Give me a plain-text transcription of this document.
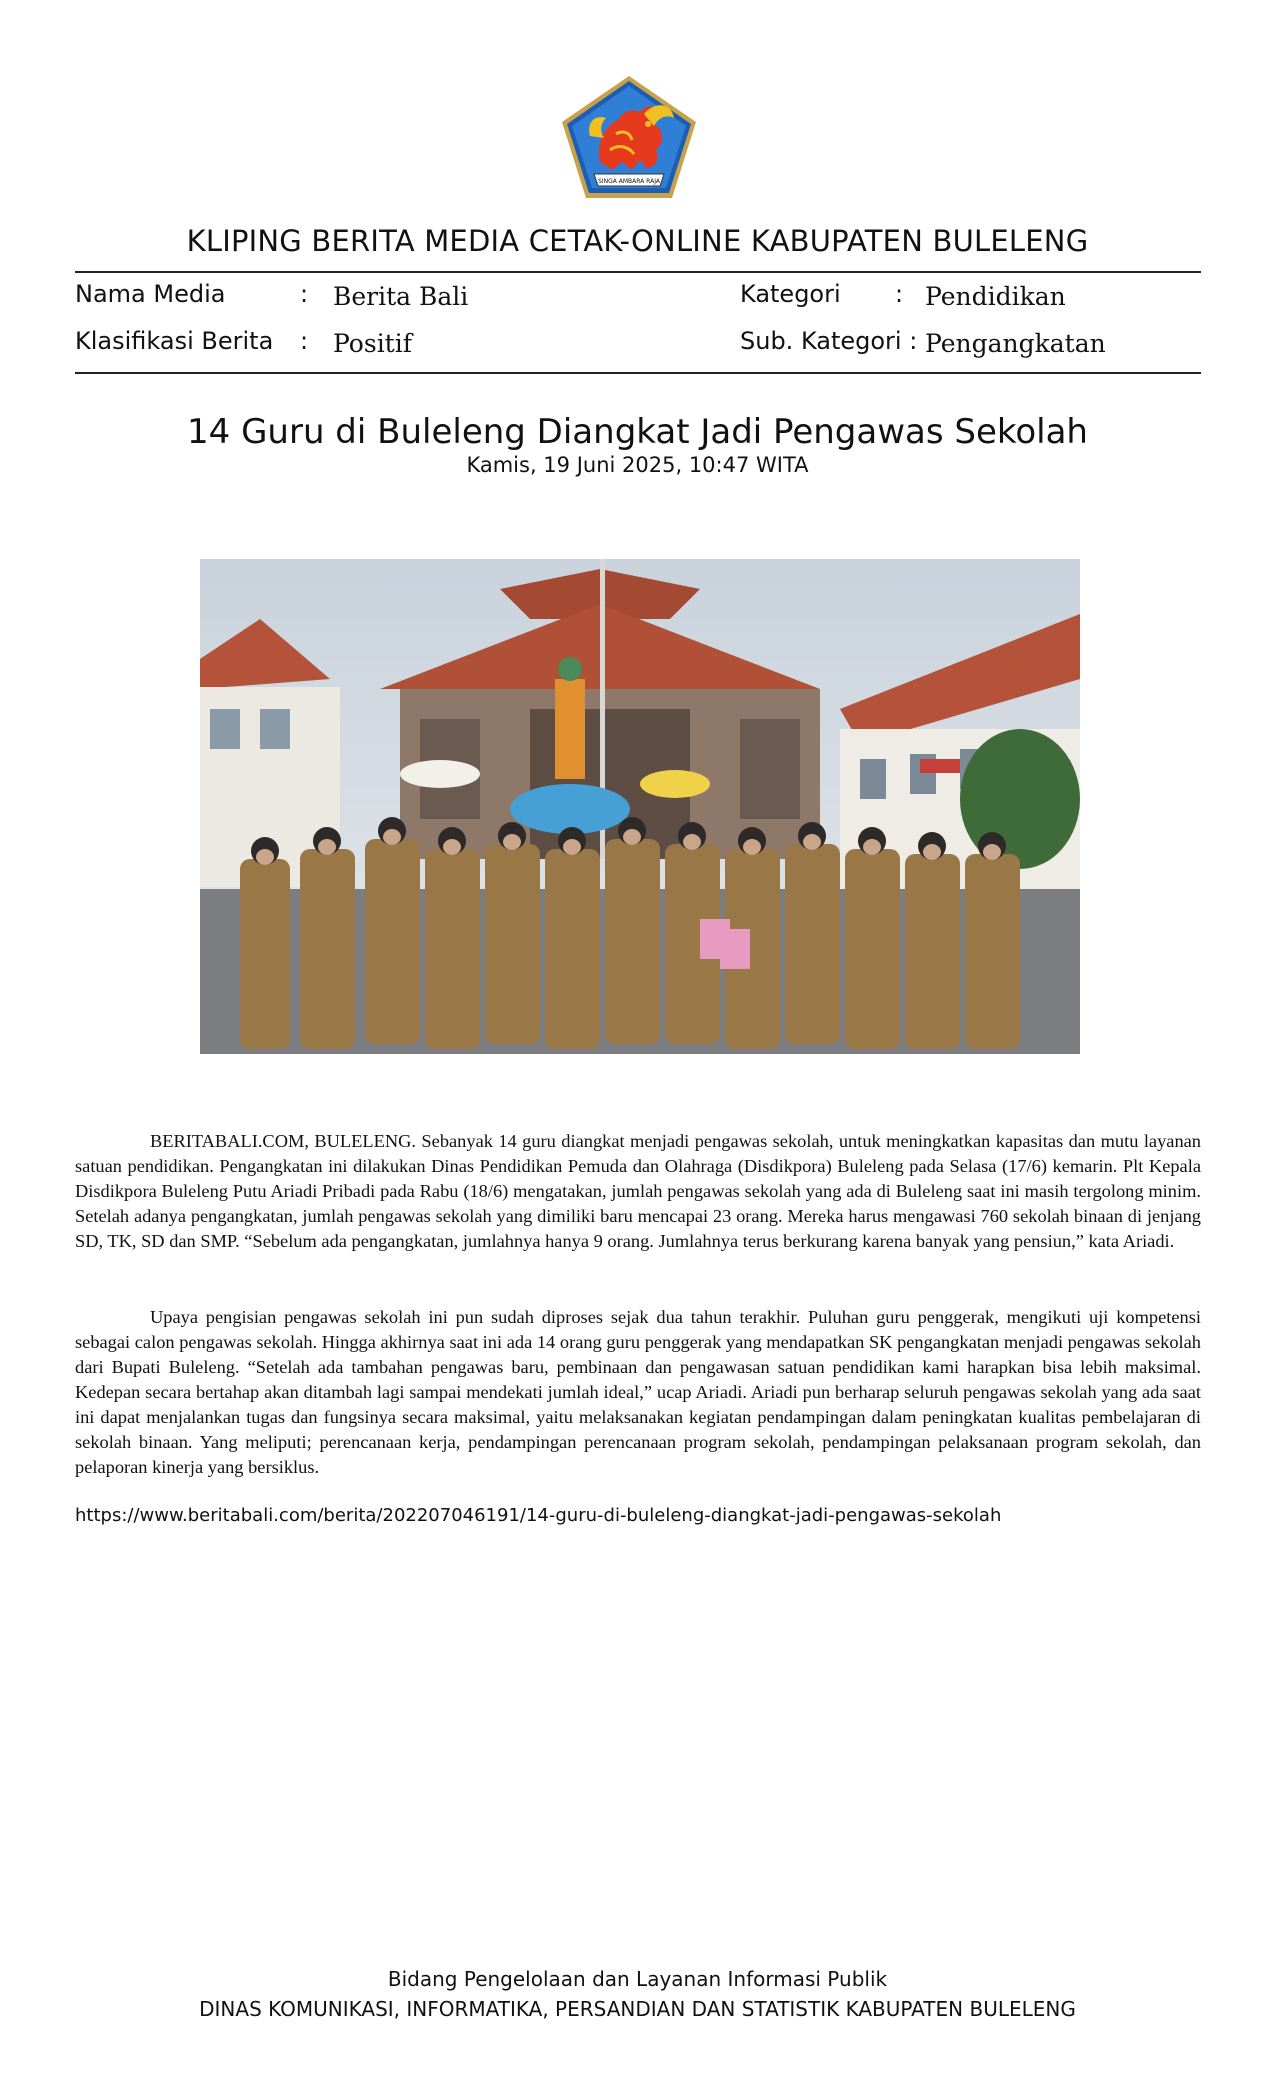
SINGA AMBARA RAJA
KLIPING BERITA MEDIA CETAK-ONLINE KABUPATEN BULELENG
Nama Media	: Berita Bali
Klasifikasi Berita : Positif
Kategori : Pendidikan
Sub. Kategori : Pengangkatan
14 Guru di Buleleng Diangkat Jadi Pengawas Sekolah
Kamis, 19 Juni 2025, 10:47 WITA
BERITABALI.COM, BULELENG. Sebanyak 14 guru diangkat menjadi pengawas sekolah, untuk meningkatkan kapasitas dan mutu layanan satuan pendidikan. Pengangkatan ini dilakukan Dinas Pendidikan Pemuda dan Olahraga (Disdikpora) Buleleng pada Selasa (17/6) kemarin. Plt Kepala Disdikpora Buleleng Putu Ariadi Pribadi pada Rabu (18/6) mengatakan, jumlah pengawas sekolah yang ada di Buleleng saat ini masih tergolong minim. Setelah adanya pengangkatan, jumlah pengawas sekolah yang dimiliki baru mencapai 23 orang. Mereka harus mengawasi 760 sekolah binaan di jenjang SD, TK, SD dan SMP. “Sebelum ada pengangkatan, jumlahnya hanya 9 orang. Jumlahnya terus berkurang karena banyak yang pensiun,” kata Ariadi.
Upaya pengisian pengawas sekolah ini pun sudah diproses sejak dua tahun terakhir. Puluhan guru penggerak, mengikuti uji kompetensi sebagai calon pengawas sekolah. Hingga akhirnya saat ini ada 14 orang guru penggerak yang mendapatkan SK pengangkatan menjadi pengawas sekolah dari Bupati Buleleng. “Setelah ada tambahan pengawas baru, pembinaan dan pengawasan satuan pendidikan kami harapkan bisa lebih maksimal. Kedepan secara bertahap akan ditambah lagi sampai mendekati jumlah ideal,” ucap Ariadi. Ariadi pun berharap seluruh pengawas sekolah yang ada saat ini dapat menjalankan tugas dan fungsinya secara maksimal, yaitu melaksanakan kegiatan pendampingan dalam peningkatan kualitas pembelajaran di sekolah binaan. Yang meliputi; perencanaan kerja, pendampingan perencanaan program sekolah, pendampingan pelaksanaan program sekolah, dan pelaporan kinerja yang bersiklus.
https://www.beritabali.com/berita/202207046191/14-guru-di-buleleng-diangkat-jadi-pengawas-sekolah
Bidang Pengelolaan dan Layanan Informasi Publik
DINAS KOMUNIKASI, INFORMATIKA, PERSANDIAN DAN STATISTIK KABUPATEN BULELENG
